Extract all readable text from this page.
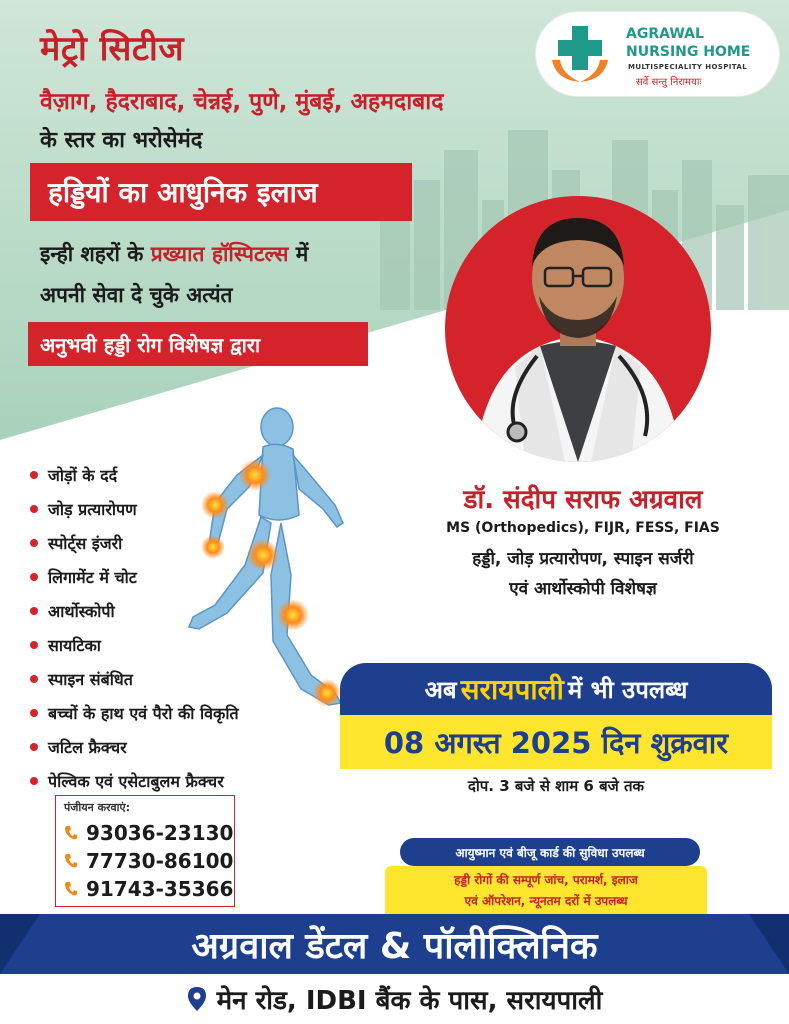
मेट्रो सिटीज
वैज़ाग, हैदराबाद, चेन्नई, पुणे, मुंबई, अहमदाबाद
के स्तर का भरोसेमंद
हड्डियों का आधुनिक इलाज
इन्ही शहरों के प्रख्यात हॉस्पिटल्स में
अपनी सेवा दे चुके अत्यंत
अनुभवी हड्डी रोग विशेषज्ञ द्वारा
AGRAWAL
NURSING HOME
MULTISPECIALITY HOSPITAL
सर्वे सन्तु निरामयाः
डॉ. संदीप सराफ अग्रवाल
MS (Orthopedics), FIJR, FESS, FIAS
हड्डी, जोड़ प्रत्यारोपण, स्पाइन सर्जरी
एवं आर्थोस्कोपी विशेषज्ञ
उपलब्ध उपचार :
जोड़ों के दर्द
जोड़ प्रत्यारोपण
स्पोर्ट्स इंजरी
लिगामेंट में चोट
आर्थोस्कोपी
सायटिका
स्पाइन संबंधित
बच्चों के हाथ एवं पैरो की विकृति
जटिल फ्रैक्चर
पेल्विक एवं एसेटाबुलम फ्रैक्चर
अब सरायपाली में भी उपलब्ध
08 अगस्त 2025 दिन शुक्रवार
दोप. 3 बजे से शाम 6 बजे तक
पंजीयन करवाएं:
93036-23130
77730-86100
91743-35366
आयुष्मान एवं बीजू कार्ड की सुविधा उपलब्ध
हड्डी रोगों की सम्पूर्ण जांच, परामर्श, इलाज
एवं ऑपरेशन, न्यूनतम दरों में उपलब्ध
अग्रवाल डेंटल & पॉलीक्लिनिक
मेन रोड, IDBI बैंक के पास, सरायपाली
